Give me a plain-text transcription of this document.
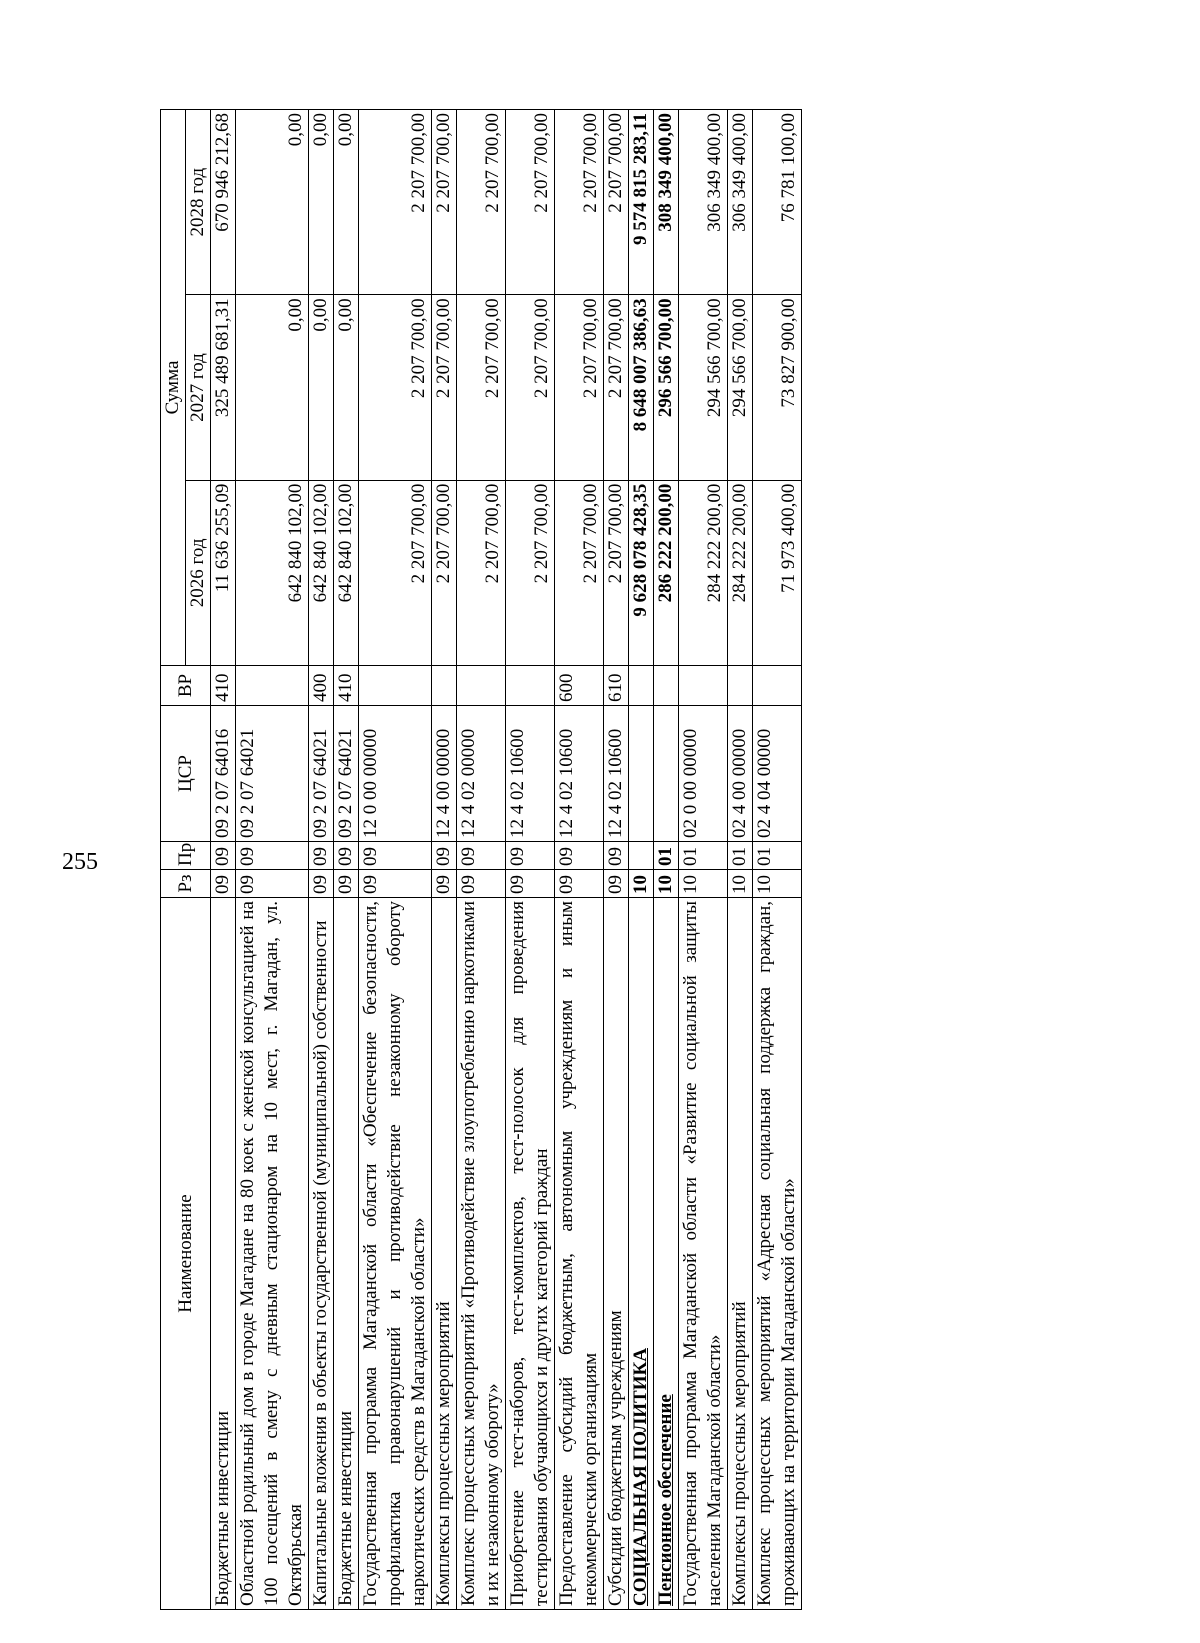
255
Наименование	Рз	Пр	ЦСР	ВР	Сумма		
					2026 год	2027 год	2028 год
Бюджетные инвестиции	09	09	09 2 07 64016	410	11 636 255,09	325 489 681,31	670 946 212,68
Областной родильный дом в городе Магадане на 80 коек с женской консультацией на 100 посещений в смену с дневным стационаром на 10 мест, г. Магадан, ул. Октябрьская	09	09	09 2 07 64021		642 840 102,00	0,00	0,00
Капитальные вложения в объекты государственной (муниципальной) собственности	09	09	09 2 07 64021	400	642 840 102,00	0,00	0,00
Бюджетные инвестиции	09	09	09 2 07 64021	410	642 840 102,00	0,00	0,00
Государственная программа Магаданской области «Обеспечение безопасности, профилактика правонарушений и противодействие незаконному обороту наркотических средств в Магаданской области»	09	09	12 0 00 00000		2 207 700,00	2 207 700,00	2 207 700,00
Комплексы процессных мероприятий	09	09	12 4 00 00000		2 207 700,00	2 207 700,00	2 207 700,00
Комплекс процессных мероприятий «Противодействие злоупотреблению наркотиками и их незаконному обороту»	09	09	12 4 02 00000		2 207 700,00	2 207 700,00	2 207 700,00
Приобретение тест-наборов, тест-комплектов, тест-полосок для проведения тестирования обучающихся и других категорий граждан	09	09	12 4 02 10600		2 207 700,00	2 207 700,00	2 207 700,00
Предоставление субсидий бюджетным, автономным учреждениям и иным некоммерческим организациям	09	09	12 4 02 10600	600	2 207 700,00	2 207 700,00	2 207 700,00
Субсидии бюджетным учреждениям	09	09	12 4 02 10600	610	2 207 700,00	2 207 700,00	2 207 700,00
СОЦИАЛЬНАЯ ПОЛИТИКА	10				9 628 078 428,35	8 648 007 386,63	9 574 815 283,11
Пенсионное обеспечение	10	01			286 222 200,00	296 566 700,00	308 349 400,00
Государственная программа Магаданской области «Развитие социальной защиты населения Магаданской области»	10	01	02 0 00 00000		284 222 200,00	294 566 700,00	306 349 400,00
Комплексы процессных мероприятий	10	01	02 4 00 00000		284 222 200,00	294 566 700,00	306 349 400,00
Комплекс процессных мероприятий «Адресная социальная поддержка граждан, проживающих на территории Магаданской области»	10	01	02 4 04 00000		71 973 400,00	73 827 900,00	76 781 100,00
